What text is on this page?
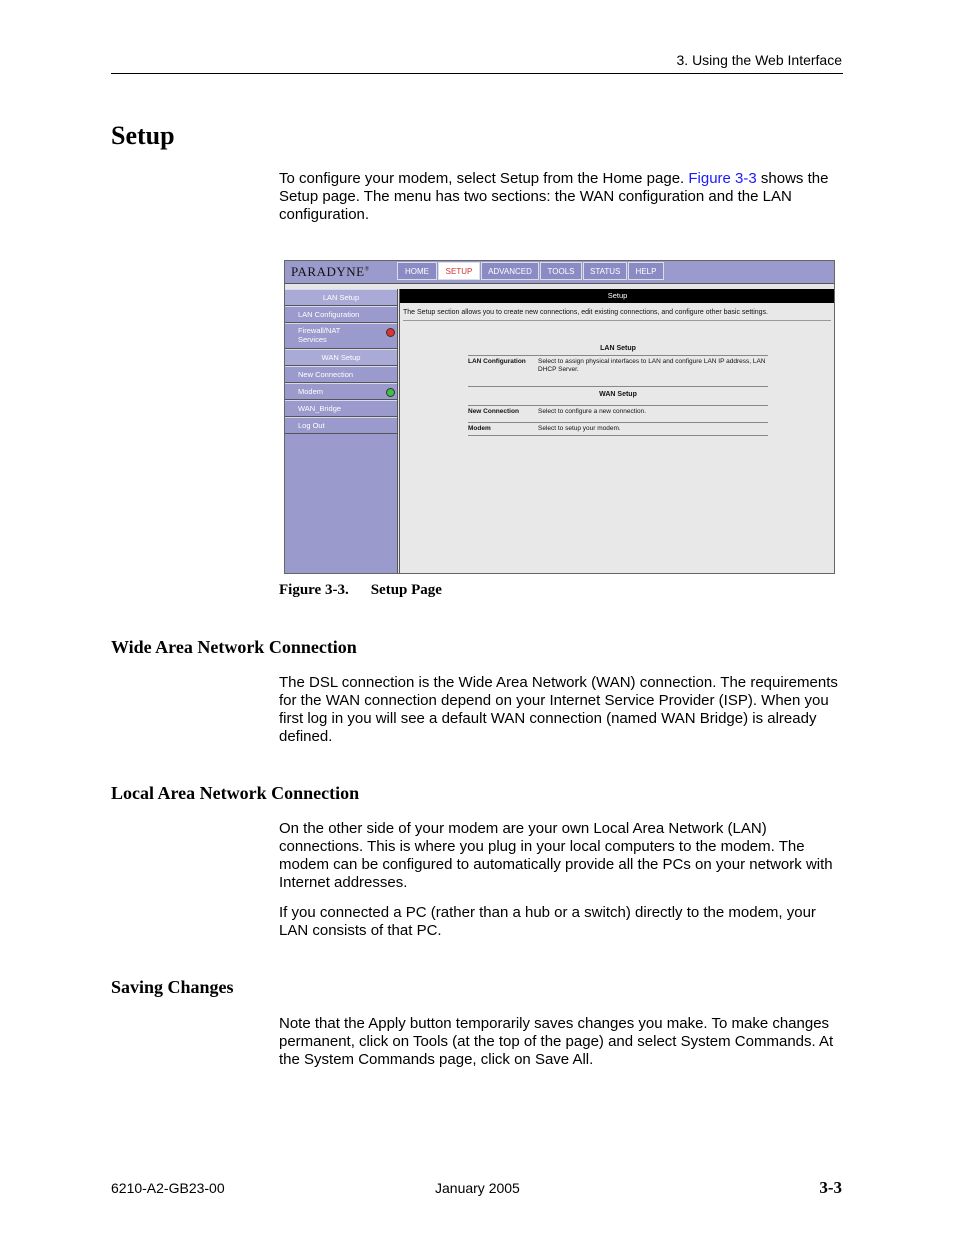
3. Using the Web Interface
Setup

To configure your modem, select Setup from the Home page. Figure 3-3 shows the Setup page. The menu has two sections: the WAN configuration and the LAN configuration.

PARADYNE®	HOME	SETUP	ADVANCED	TOOLS	STATUS	HELP
LAN Setup
LAN Configuration
Firewall/NAT Services
WAN Setup
New Connection
Modem
WAN_Bridge
Log Out
Setup
The Setup section allows you to create new connections, edit existing connections, and configure other basic settings.
LAN Setup
LAN Configuration	Select to assign physical interfaces to LAN and configure LAN IP address, LAN DHCP Server.
WAN Setup
New Connection	Select to configure a new connection.
Modem	Select to setup your modem.
Figure 3-3. Setup Page
Wide Area Network Connection

The DSL connection is the Wide Area Network (WAN) connection. The requirements for the WAN connection depend on your Internet Service Provider (ISP). When you first log in you will see a default WAN connection (named WAN Bridge) is already defined.

Local Area Network Connection

On the other side of your modem are your own Local Area Network (LAN) connections. This is where you plug in your local computers to the modem. The modem can be configured to automatically provide all the PCs on your network with Internet addresses.

If you connected a PC (rather than a hub or a switch) directly to the modem, your LAN consists of that PC.

Saving Changes

Note that the Apply button temporarily saves changes you make. To make changes permanent, click on Tools (at the top of the page) and select System Commands. At the System Commands page, click on Save All.

6210-A2-GB23-00	January 2005	3-3
